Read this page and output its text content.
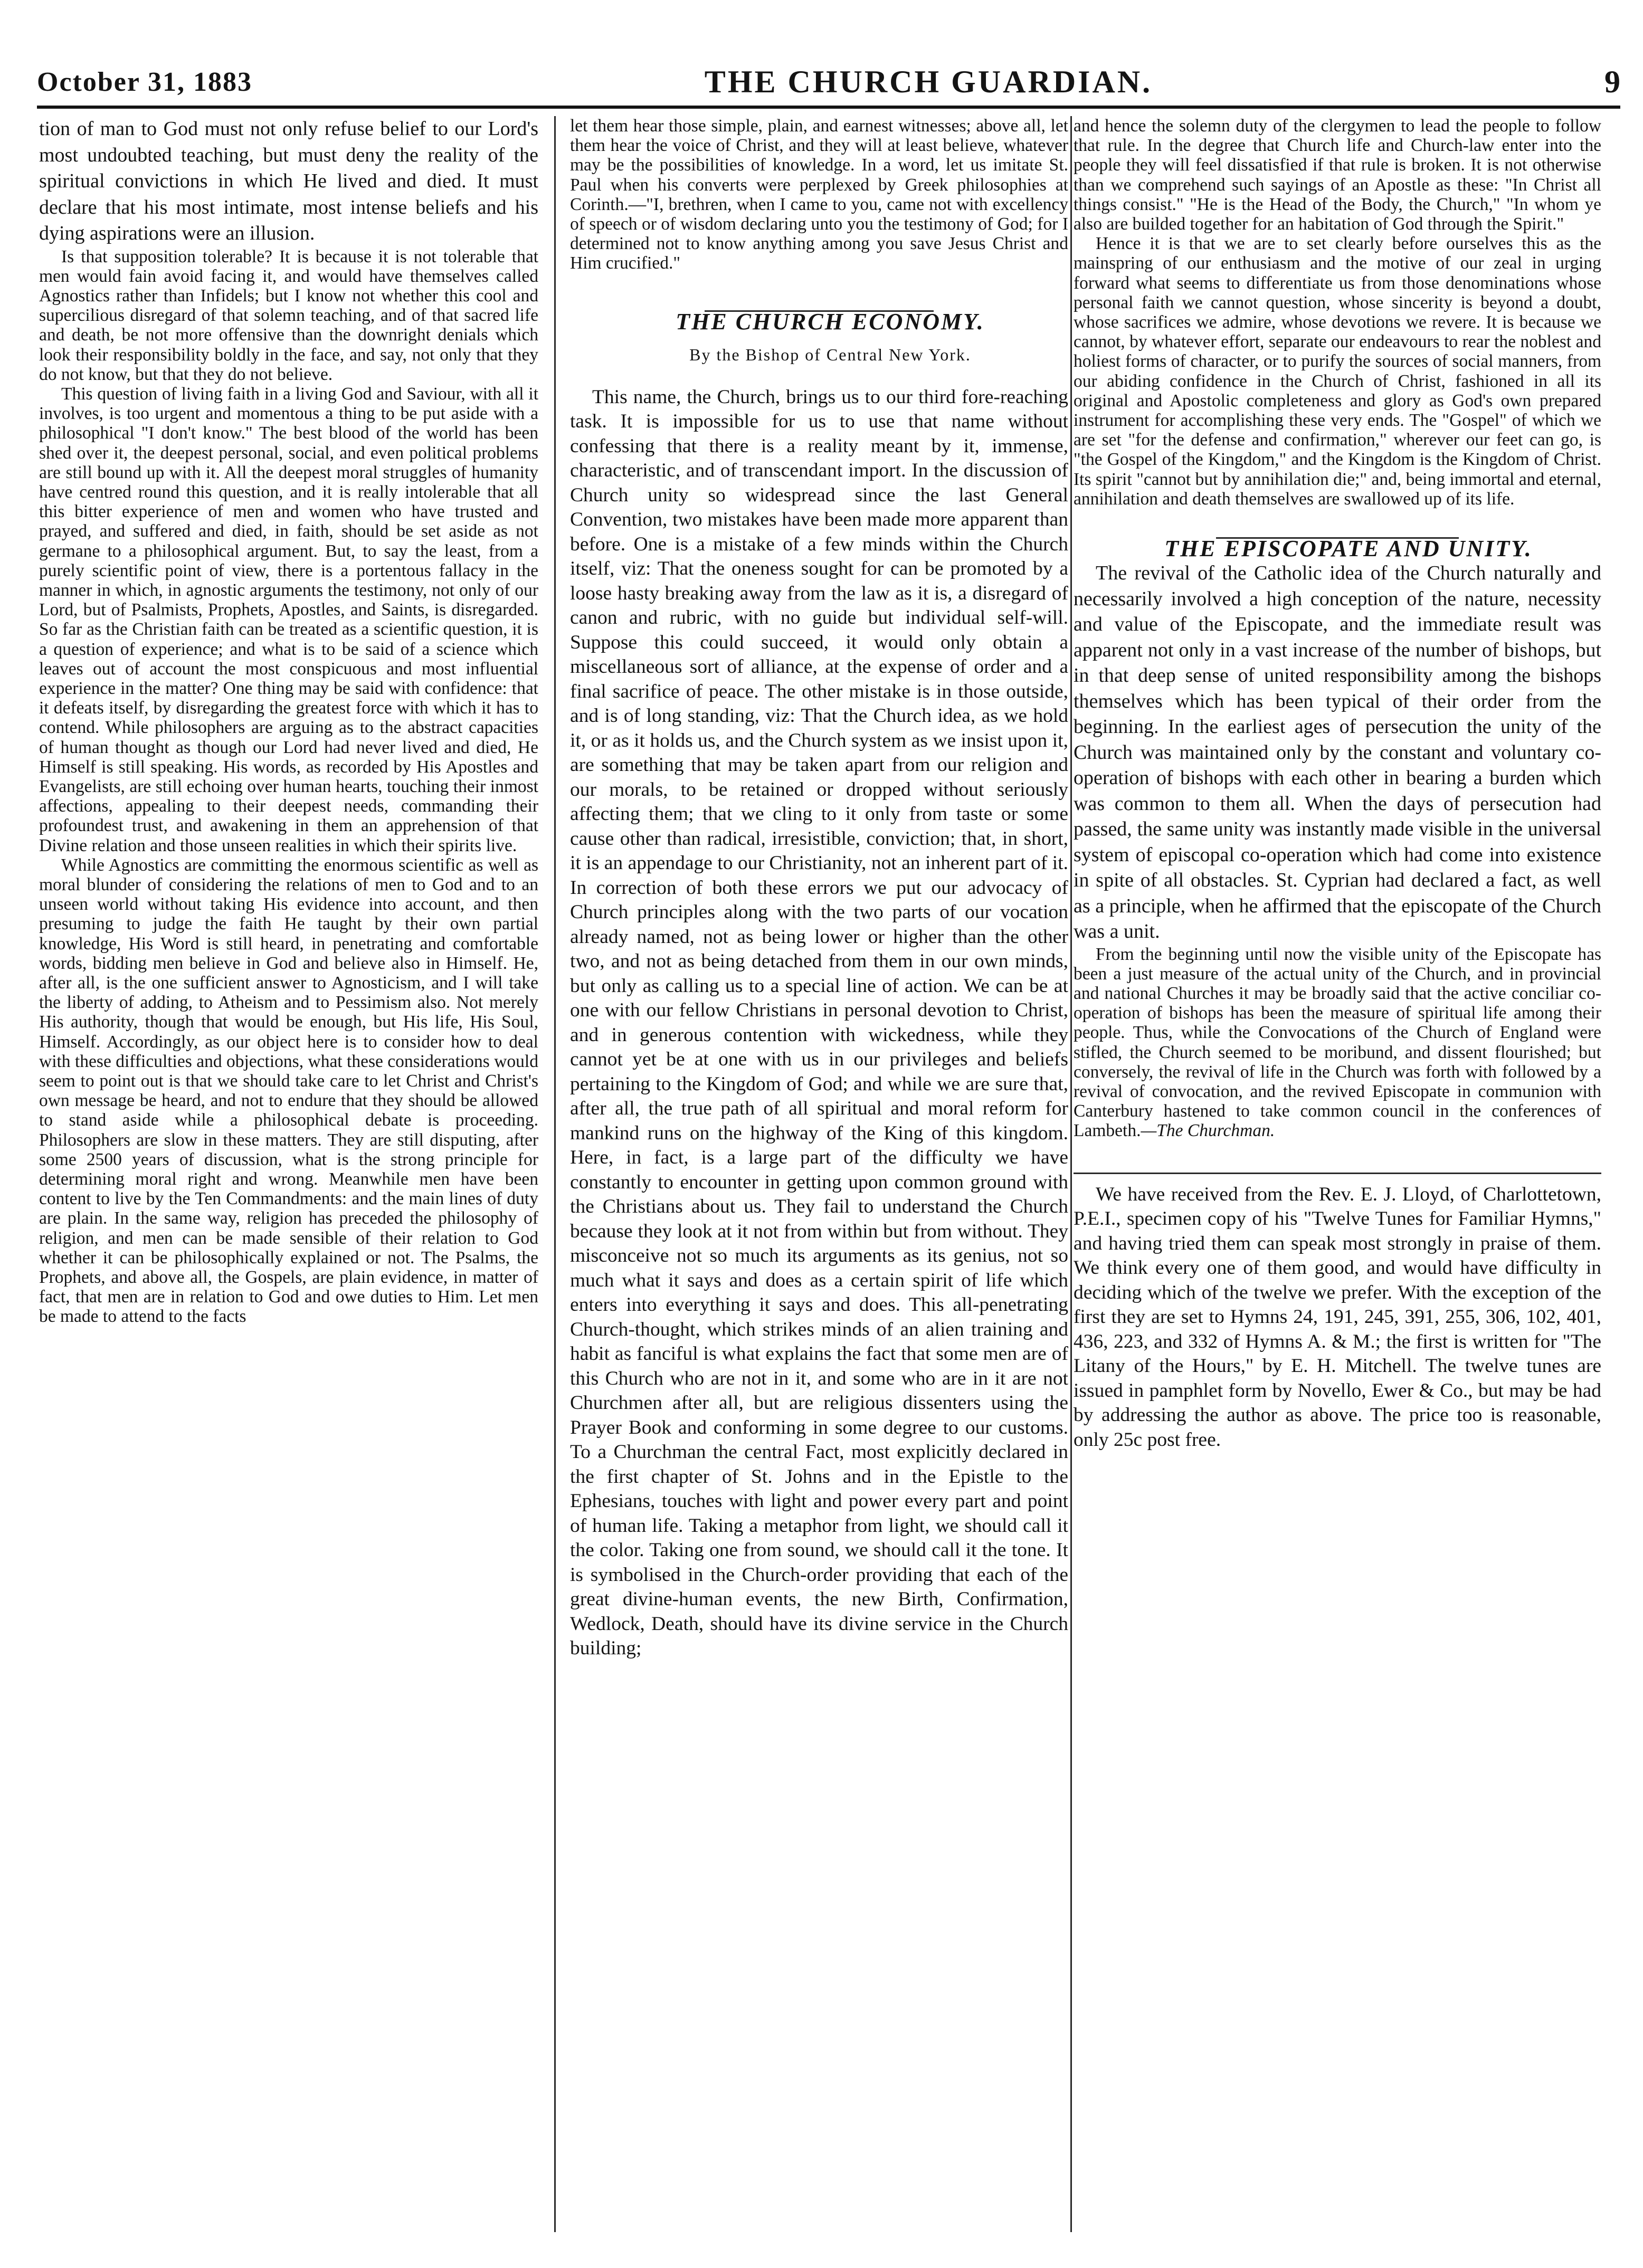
October 31, 1883	THE CHURCH GUARDIAN.	9

tion of man to God must not only refuse belief to our Lord's most undoubted teaching, but must deny the reality of the spiritual convictions in which He lived and died. It must declare that his most intimate, most intense beliefs and his dying aspirations were an illusion.

Is that supposition tolerable? It is because it is not tolerable that men would fain avoid facing it, and would have themselves called Agnostics rather than Infidels; but I know not whether this cool and supercilious disregard of that solemn teaching, and of that sacred life and death, be not more offensive than the downright denials which look their responsibility boldly in the face, and say, not only that they do not know, but that they do not believe.

This question of living faith in a living God and Saviour, with all it involves, is too urgent and momentous a thing to be put aside with a philosophical "I don't know." The best blood of the world has been shed over it, the deepest personal, social, and even political problems are still bound up with it. All the deepest moral struggles of humanity have centred round this question, and it is really intolerable that all this bitter experience of men and women who have trusted and prayed, and suffered and died, in faith, should be set aside as not germane to a philosophical argument. But, to say the least, from a purely scientific point of view, there is a portentous fallacy in the manner in which, in agnostic arguments the testimony, not only of our Lord, but of Psalmists, Prophets, Apostles, and Saints, is disregarded. So far as the Christian faith can be treated as a scientific question, it is a question of experience; and what is to be said of a science which leaves out of account the most conspicuous and most influential experience in the matter? One thing may be said with confidence: that it defeats itself, by disregarding the greatest force with which it has to contend. While philosophers are arguing as to the abstract capacities of human thought as though our Lord had never lived and died, He Himself is still speaking. His words, as recorded by His Apostles and Evangelists, are still echoing over human hearts, touching their inmost affections, appealing to their deepest needs, commanding their profoundest trust, and awakening in them an apprehension of that Divine relation and those unseen realities in which their spirits live.

While Agnostics are committing the enormous scientific as well as moral blunder of considering the relations of men to God and to an unseen world without taking His evidence into account, and then presuming to judge the faith He taught by their own partial knowledge, His Word is still heard, in penetrating and comfortable words, bidding men believe in God and believe also in Himself. He, after all, is the one sufficient answer to Agnosticism, and I will take the liberty of adding, to Atheism and to Pessimism also. Not merely His authority, though that would be enough, but His life, His Soul, Himself. Accordingly, as our object here is to consider how to deal with these difficulties and objections, what these considerations would seem to point out is that we should take care to let Christ and Christ's own message be heard, and not to endure that they should be allowed to stand aside while a philosophical debate is proceeding. Philosophers are slow in these matters. They are still disputing, after some 2500 years of discussion, what is the strong principle for determining moral right and wrong. Meanwhile men have been content to live by the Ten Commandments: and the main lines of duty are plain. In the same way, religion has preceded the philosophy of religion, and men can be made sensible of their relation to God whether it can be philosophically explained or not. The Psalms, the Prophets, and above all, the Gospels, are plain evidence, in matter of fact, that men are in relation to God and owe duties to Him. Let men be made to attend to the facts

let them hear those simple, plain, and earnest witnesses; above all, let them hear the voice of Christ, and they will at least believe, whatever may be the possibilities of knowledge. In a word, let us imitate St. Paul when his converts were perplexed by Greek philosophies at Corinth.—"I, brethren, when I came to you, came not with excellency of speech or of wisdom declaring unto you the testimony of God; for I determined not to know anything among you save Jesus Christ and Him crucified."

THE CHURCH ECONOMY.

By the Bishop of Central New York.

This name, the Church, brings us to our third fore-reaching task. It is impossible for us to use that name without confessing that there is a reality meant by it, immense, characteristic, and of transcendant import. In the discussion of Church unity so widespread since the last General Convention, two mistakes have been made more apparent than before. One is a mistake of a few minds within the Church itself, viz: That the oneness sought for can be promoted by a loose hasty breaking away from the law as it is, a disregard of canon and rubric, with no guide but individual self-will. Suppose this could succeed, it would only obtain a miscellaneous sort of alliance, at the expense of order and a final sacrifice of peace. The other mistake is in those outside, and is of long standing, viz: That the Church idea, as we hold it, or as it holds us, and the Church system as we insist upon it, are something that may be taken apart from our religion and our morals, to be retained or dropped without seriously affecting them; that we cling to it only from taste or some cause other than radical, irresistible, conviction; that, in short, it is an appendage to our Christianity, not an inherent part of it. In correction of both these errors we put our advocacy of Church principles along with the two parts of our vocation already named, not as being lower or higher than the other two, and not as being detached from them in our own minds, but only as calling us to a special line of action. We can be at one with our fellow Christians in personal devotion to Christ, and in generous contention with wickedness, while they cannot yet be at one with us in our privileges and beliefs pertaining to the Kingdom of God; and while we are sure that, after all, the true path of all spiritual and moral reform for mankind runs on the highway of the King of this kingdom. Here, in fact, is a large part of the difficulty we have constantly to encounter in getting upon common ground with the Christians about us. They fail to understand the Church because they look at it not from within but from without. They misconceive not so much its arguments as its genius, not so much what it says and does as a certain spirit of life which enters into everything it says and does. This all-penetrating Church-thought, which strikes minds of an alien training and habit as fanciful is what explains the fact that some men are of this Church who are not in it, and some who are in it are not Churchmen after all, but are religious dissenters using the Prayer Book and conforming in some degree to our customs. To a Churchman the central Fact, most explicitly declared in the first chapter of St. Johns and in the Epistle to the Ephesians, touches with light and power every part and point of human life. Taking a metaphor from light, we should call it the color. Taking one from sound, we should call it the tone. It is symbolised in the Church-order providing that each of the great divine-human events, the new Birth, Confirmation, Wedlock, Death, should have its divine service in the Church building;

and hence the solemn duty of the clergymen to lead the people to follow that rule. In the degree that Church life and Church-law enter into the people they will feel dissatisfied if that rule is broken. It is not otherwise than we comprehend such sayings of an Apostle as these: "In Christ all things consist." "He is the Head of the Body, the Church," "In whom ye also are builded together for an habitation of God through the Spirit."

Hence it is that we are to set clearly before ourselves this as the mainspring of our enthusiasm and the motive of our zeal in urging forward what seems to differentiate us from those denominations whose personal faith we cannot question, whose sincerity is beyond a doubt, whose sacrifices we admire, whose devotions we revere. It is because we cannot, by whatever effort, separate our endeavours to rear the noblest and holiest forms of character, or to purify the sources of social manners, from our abiding confidence in the Church of Christ, fashioned in all its original and Apostolic completeness and glory as God's own prepared instrument for accomplishing these very ends. The "Gospel" of which we are set "for the defense and confirmation," wherever our feet can go, is "the Gospel of the Kingdom," and the Kingdom is the Kingdom of Christ. Its spirit "cannot but by annihilation die;" and, being immortal and eternal, annihilation and death themselves are swallowed up of its life.

THE EPISCOPATE AND UNITY.

The revival of the Catholic idea of the Church naturally and necessarily involved a high conception of the nature, necessity and value of the Episcopate, and the immediate result was apparent not only in a vast increase of the number of bishops, but in that deep sense of united responsibility among the bishops themselves which has been typical of their order from the beginning. In the earliest ages of persecution the unity of the Church was maintained only by the constant and voluntary co-operation of bishops with each other in bearing a burden which was common to them all. When the days of persecution had passed, the same unity was instantly made visible in the universal system of episcopal co-operation which had come into existence in spite of all obstacles. St. Cyprian had declared a fact, as well as a principle, when he affirmed that the episcopate of the Church was a unit.

From the beginning until now the visible unity of the Episcopate has been a just measure of the actual unity of the Church, and in provincial and national Churches it may be broadly said that the active conciliar co-operation of bishops has been the measure of spiritual life among their people. Thus, while the Convocations of the Church of England were stifled, the Church seemed to be moribund, and dissent flourished; but conversely, the revival of life in the Church was forth with followed by a revival of convocation, and the revived Episcopate in communion with Canterbury hastened to take common council in the conferences of Lambeth.—The Churchman.

We have received from the Rev. E. J. Lloyd, of Charlottetown, P.E.I., specimen copy of his "Twelve Tunes for Familiar Hymns," and having tried them can speak most strongly in praise of them. We think every one of them good, and would have difficulty in deciding which of the twelve we prefer. With the exception of the first they are set to Hymns 24, 191, 245, 391, 255, 306, 102, 401, 436, 223, and 332 of Hymns A. & M.; the first is written for "The Litany of the Hours," by E. H. Mitchell. The twelve tunes are issued in pamphlet form by Novello, Ewer & Co., but may be had by addressing the author as above. The price too is reasonable, only 25c post free.
